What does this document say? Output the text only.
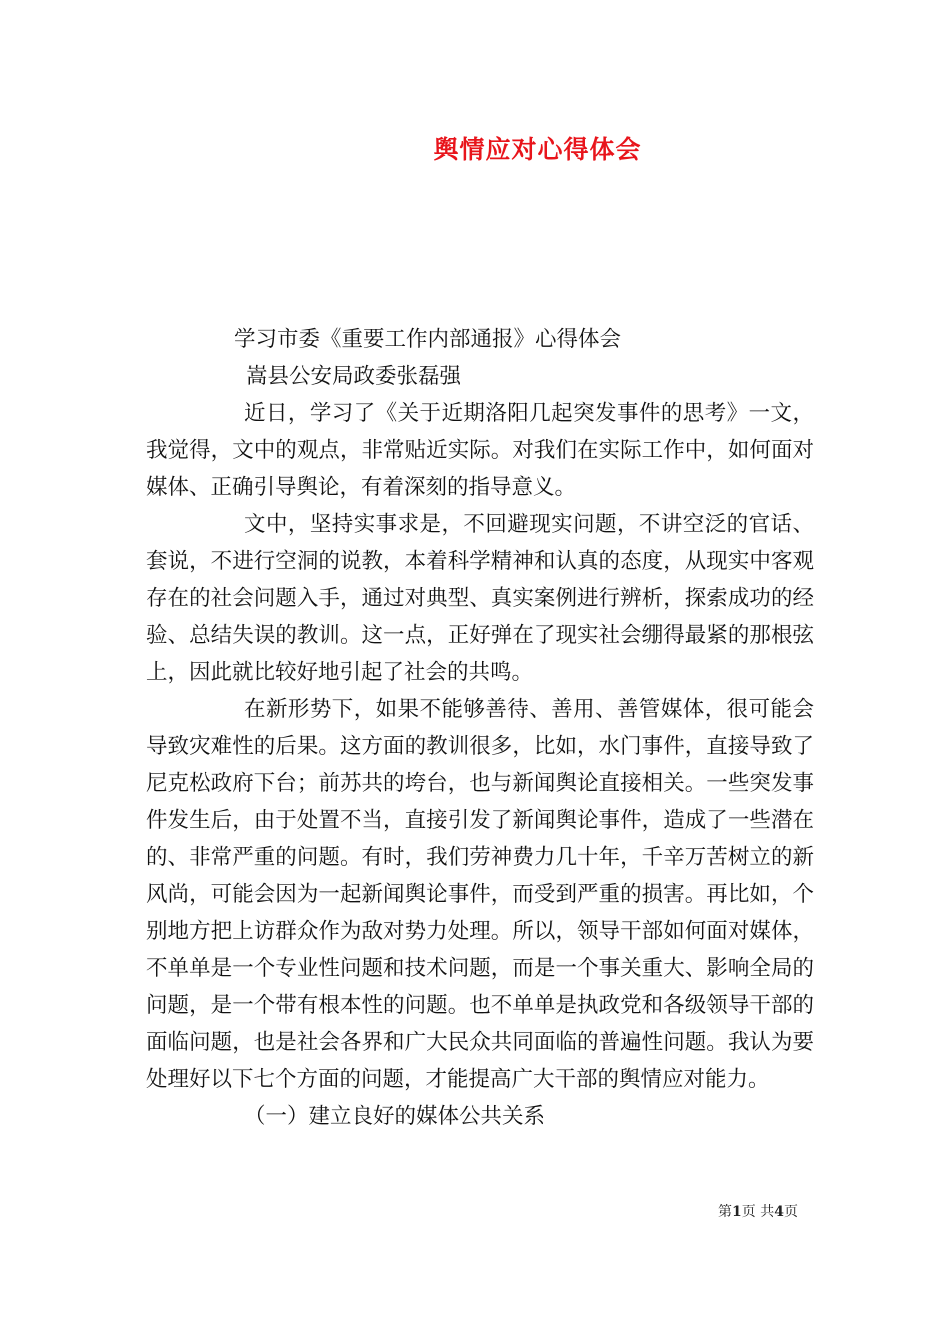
舆情应对心得体会

学习市委《重要工作内部通报》心得体会

嵩县公安局政委张磊强

近日，学习了《关于近期洛阳几起突发事件的思考》一文，我觉得，文中的观点，非常贴近实际。对我们在实际工作中，如何面对媒体、正确引导舆论，有着深刻的指导意义。

文中，坚持实事求是，不回避现实问题，不讲空泛的官话、套说，不进行空洞的说教，本着科学精神和认真的态度，从现实中客观存在的社会问题入手，通过对典型、真实案例进行辨析，探索成功的经验、总结失误的教训。这一点，正好弹在了现实社会绷得最紧的那根弦上，因此就比较好地引起了社会的共鸣。

在新形势下，如果不能够善待、善用、善管媒体，很可能会导致灾难性的后果。这方面的教训很多，比如，水门事件，直接导致了尼克松政府下台；前苏共的垮台，也与新闻舆论直接相关。一些突发事件发生后，由于处置不当，直接引发了新闻舆论事件，造成了一些潜在的、非常严重的问题。有时，我们劳神费力几十年，千辛万苦树立的新风尚，可能会因为一起新闻舆论事件，而受到严重的损害。再比如，个别地方把上访群众作为敌对势力处理。所以，领导干部如何面对媒体，不单单是一个专业性问题和技术问题，而是一个事关重大、影响全局的问题，是一个带有根本性的问题。也不单单是执政党和各级领导干部的面临问题，也是社会各界和广大民众共同面临的普遍性问题。我认为要处理好以下七个方面的问题，才能提高广大干部的舆情应对能力。

（一）建立良好的媒体公共关系

第1页 共4页
